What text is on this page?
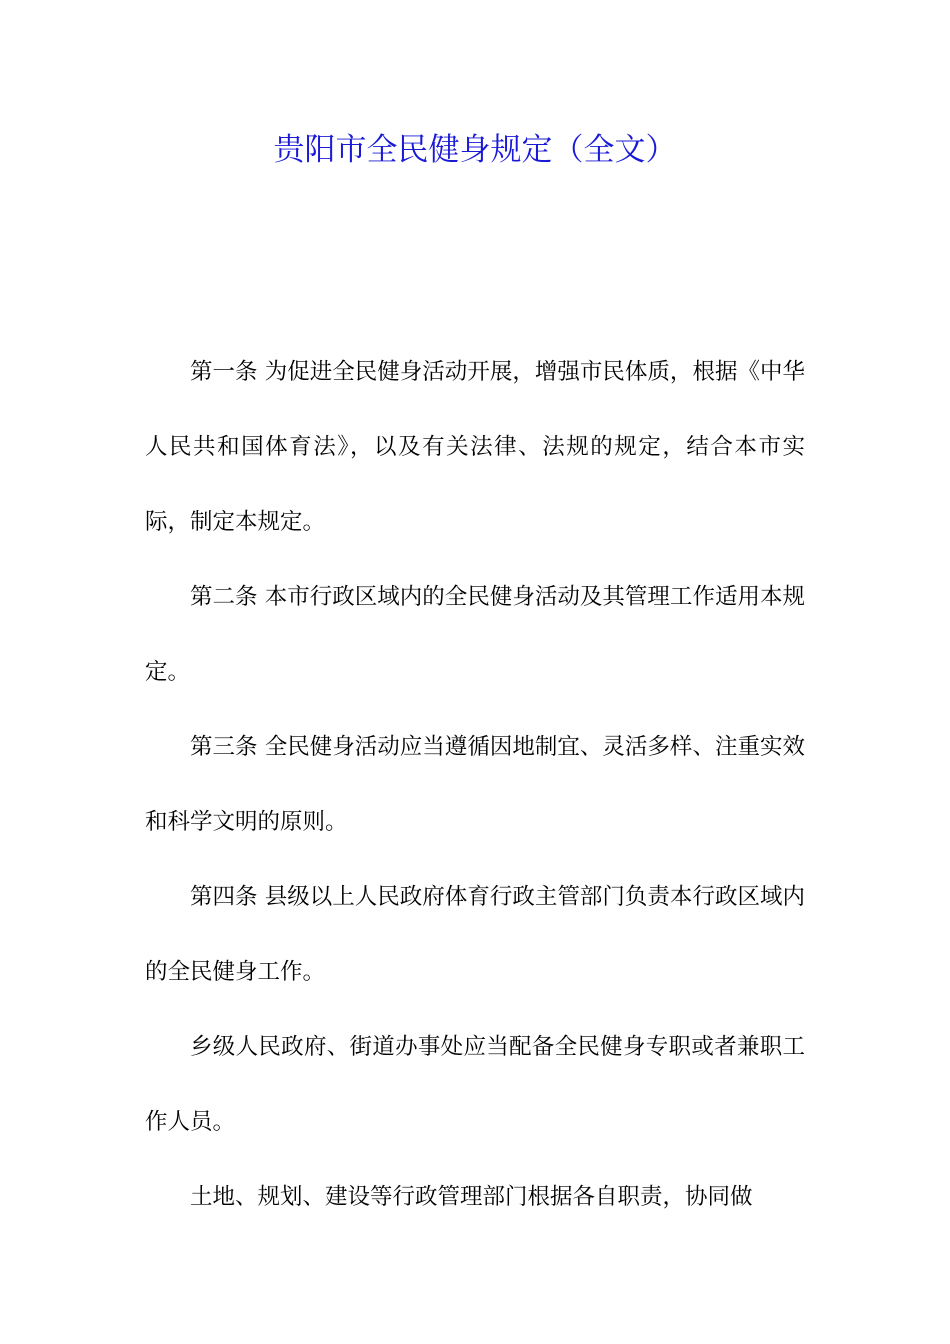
贵阳市全民健身规定（全文）

第一条 为促进全民健身活动开展，增强市民体质，根据《中华人民共和国体育法》，以及有关法律、法规的规定，结合本市实际，制定本规定。

第二条 本市行政区域内的全民健身活动及其管理工作适用本规定。

第三条 全民健身活动应当遵循因地制宜、灵活多样、注重实效和科学文明的原则。

第四条 县级以上人民政府体育行政主管部门负责本行政区域内的全民健身工作。

乡级人民政府、街道办事处应当配备全民健身专职或者兼职工作人员。

土地、规划、建设等行政管理部门根据各自职责，协同做
